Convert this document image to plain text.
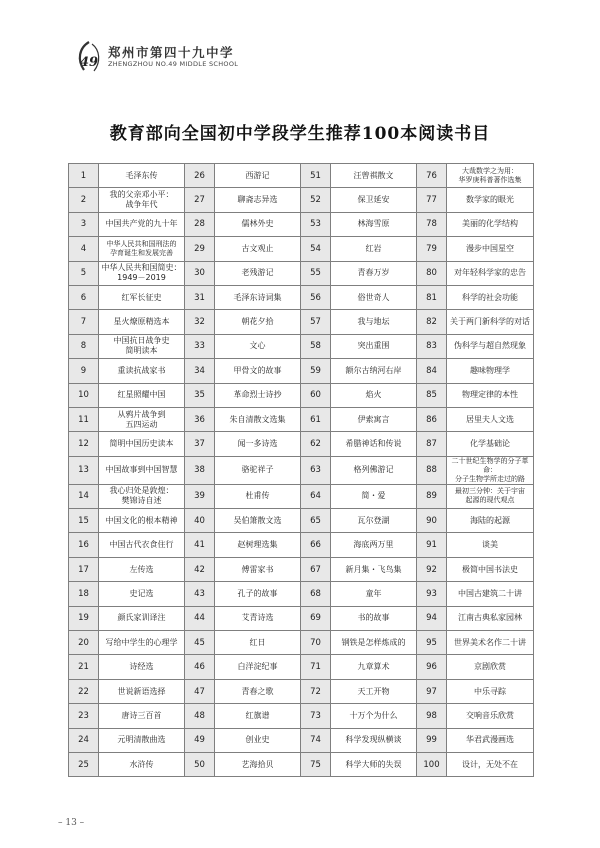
49
郑州市第四十九中学
ZHENGZHOU NO.49 MIDDLE SCHOOL
教育部向全国初中学段学生推荐100本阅读书目
1	毛泽东传	26	西游记	51	汪曾祺散文	76	大哉数学之为用：
华罗庚科普著作选集
2	我的父亲邓小平：
战争年代	27	聊斋志异选	52	保卫延安	77	数学家的眼光
3	中国共产党的九十年	28	儒林外史	53	林海雪原	78	美丽的化学结构
4	中华人民共和国刑法的
孕育诞生和发展完善	29	古文观止	54	红岩	79	漫步中国星空
5	中华人民共和国简史：
1949－2019	30	老残游记	55	青春万岁	80	对年轻科学家的忠告
6	红军长征史	31	毛泽东诗词集	56	俗世奇人	81	科学的社会功能
7	星火燎原精选本	32	朝花夕拾	57	我与地坛	82	关于两门新科学的对话
8	中国抗日战争史
简明读本	33	文心	58	突出重围	83	伪科学与超自然现象
9	重读抗战家书	34	甲骨文的故事	59	额尔古纳河右岸	84	趣味物理学
10	红星照耀中国	35	革命烈士诗抄	60	焰火	85	物理定律的本性
11	从鸦片战争到
五四运动	36	朱自清散文选集	61	伊索寓言	86	居里夫人文选
12	简明中国历史读本	37	闻一多诗选	62	希腊神话和传说	87	化学基础论
13	中国故事到中国智慧	38	骆驼祥子	63	格列佛游记	88	二十世纪生物学的分子革命：
分子生物学所走过的路
14	我心归处是敦煌：
樊锦诗自述	39	杜甫传	64	简・爱	89	最初三分钟：关于宇宙
起源的现代观点
15	中国文化的根本精神	40	吴伯箫散文选	65	瓦尔登湖	90	海陆的起源
16	中国古代衣食住行	41	赵树理选集	66	海底两万里	91	谈美
17	左传选	42	傅雷家书	67	新月集・飞鸟集	92	极简中国书法史
18	史记选	43	孔子的故事	68	童年	93	中国古建筑二十讲
19	颜氏家训译注	44	艾青诗选	69	书的故事	94	江南古典私家园林
20	写给中学生的心理学	45	红日	70	钢铁是怎样炼成的	95	世界美术名作二十讲
21	诗经选	46	白洋淀纪事	71	九章算术	96	京剧欣赏
22	世说新语选择	47	青春之歌	72	天工开物	97	中乐寻踪
23	唐诗三百首	48	红旗谱	73	十万个为什么	98	交响音乐欣赏
24	元明清散曲选	49	创业史	74	科学发现纵横谈	99	华君武漫画选
25	水浒传	50	艺海拾贝	75	科学大师的失误	100	设计，无处不在
– 13 –
